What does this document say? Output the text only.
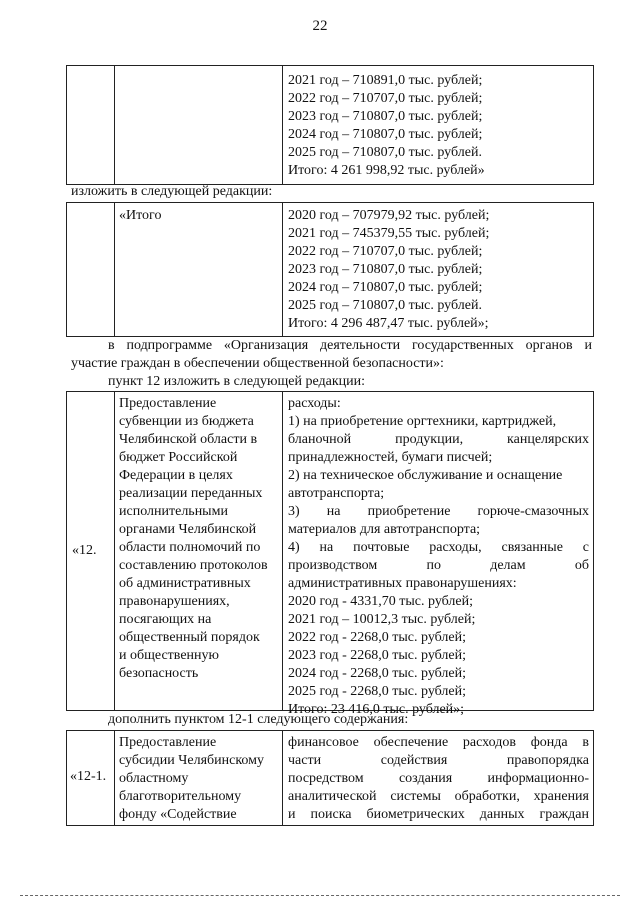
22
2021 год – 710891,0 тыс. рублей;
2022 год – 710707,0 тыс. рублей;
2023 год – 710807,0 тыс. рублей;
2024 год – 710807,0 тыс. рублей;
2025 год – 710807,0 тыс. рублей.
Итого: 4 261 998,92 тыс. рублей»
изложить в следующей редакции:
«Итого	2020 год – 707979,92 тыс. рублей;
2021 год – 745379,55 тыс. рублей;
2022 год – 710707,0 тыс. рублей;
2023 год – 710807,0 тыс. рублей;
2024 год – 710807,0 тыс. рублей;
2025 год – 710807,0 тыс. рублей.
Итого: 4 296 487,47 тыс. рублей»;
в подпрограмме «Организация деятельности государственных органов и
участие граждан в обеспечении общественной безопасности»:
пункт 12 изложить в следующей редакции:
«12.
Предоставление
субвенции из бюджета
Челябинской области в
бюджет Российской
Федерации в целях
реализации переданных
исполнительными
органами Челябинской
области полномочий по
составлению протоколов
об административных
правонарушениях,
посягающих на
общественный порядок
и общественную
безопасность
расходы:
1) на приобретение оргтехники, картриджей,
бланочной продукции, канцелярских
принадлежностей, бумаги писчей;
2) на техническое обслуживание и оснащение
автотранспорта;
3) на приобретение горюче-смазочных
материалов для автотранспорта;
4) на почтовые расходы, связанные с
производством по делам об
административных правонарушениях:
2020 год - 4331,70 тыс. рублей;
2021 год – 10012,3 тыс. рублей;
2022 год - 2268,0 тыс. рублей;
2023 год - 2268,0 тыс. рублей;
2024 год - 2268,0 тыс. рублей;
2025 год - 2268,0 тыс. рублей;
Итого: 23 416,0 тыс. рублей»;
дополнить пунктом 12-1 следующего содержания:
«12-1.
Предоставление
субсидии Челябинскому
областному
благотворительному
фонду «Содействие
финансовое обеспечение расходов фонда в
части содействия правопорядка
посредством создания информационно-
аналитической системы обработки, хранения
и поиска биометрических данных граждан
